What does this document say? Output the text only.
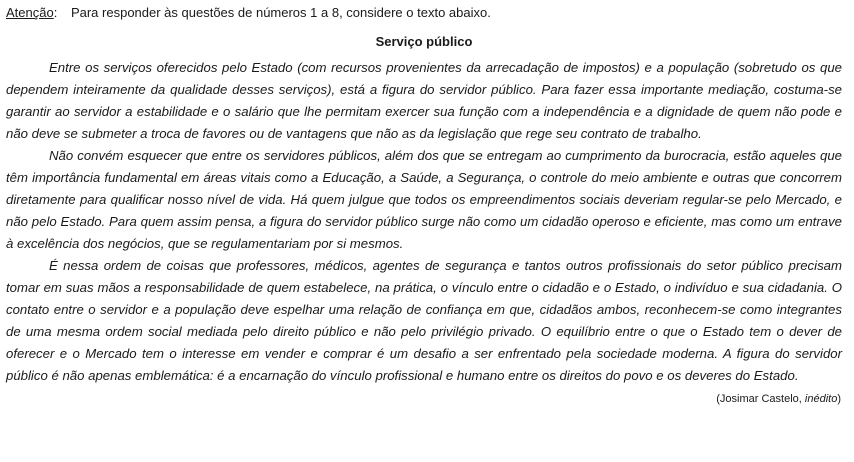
Atenção: Para responder às questões de números 1 a 8, considere o texto abaixo.

Serviço público

Entre os serviços oferecidos pelo Estado (com recursos provenientes da arrecadação de impostos) e a população (sobretudo os que dependem inteiramente da qualidade desses serviços), está a figura do servidor público. Para fazer essa importante mediação, costuma-se garantir ao servidor a estabilidade e o salário que lhe permitam exercer sua função com a independência e a dignidade de quem não pode e não deve se submeter a troca de favores ou de vantagens que não as da legislação que rege seu contrato de trabalho.

Não convém esquecer que entre os servidores públicos, além dos que se entregam ao cumprimento da burocracia, estão aqueles que têm importância fundamental em áreas vitais como a Educação, a Saúde, a Segurança, o controle do meio ambiente e outras que concorrem diretamente para qualificar nosso nível de vida. Há quem julgue que todos os empreendimentos sociais deveriam regular-se pelo Mercado, e não pelo Estado. Para quem assim pensa, a figura do servidor público surge não como um cidadão operoso e eficiente, mas como um entrave à excelência dos negócios, que se regulamentariam por si mesmos.

É nessa ordem de coisas que professores, médicos, agentes de segurança e tantos outros profissionais do setor público precisam tomar em suas mãos a responsabilidade de quem estabelece, na prática, o vínculo entre o cidadão e o Estado, o indivíduo e sua cidadania. O contato entre o servidor e a população deve espelhar uma relação de confiança em que, cidadãos ambos, reconhecem-se como integrantes de uma mesma ordem social mediada pelo direito público e não pelo privilégio privado. O equilíbrio entre o que o Estado tem o dever de oferecer e o Mercado tem o interesse em vender e comprar é um desafio a ser enfrentado pela sociedade moderna. A figura do servidor público é não apenas emblemática: é a encarnação do vínculo profissional e humano entre os direitos do povo e os deveres do Estado.

(Josimar Castelo, inédito)
